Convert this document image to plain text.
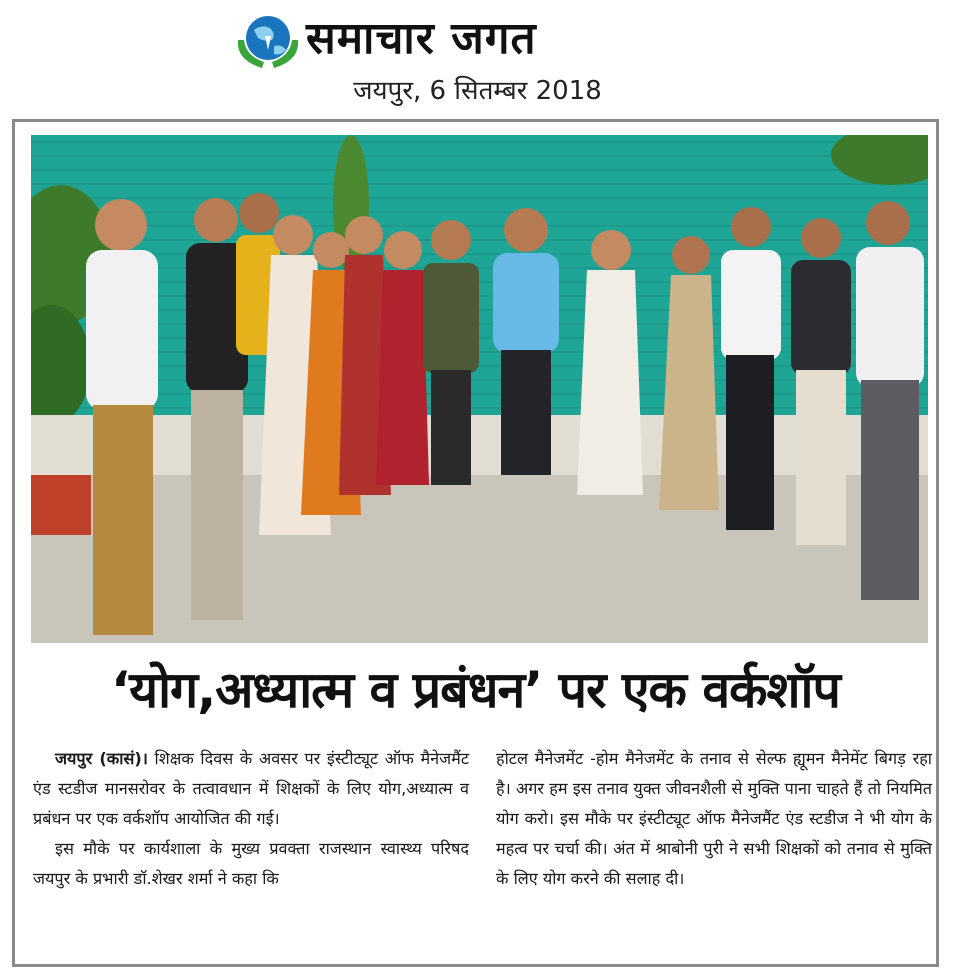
समाचार जगत
जयपुर, 6 सितम्बर 2018
‘योग,अध्यात्म व प्रबंधन’ पर एक वर्कशॉप

जयपुर (कासं)। शिक्षक दिवस के अवसर पर इंस्टीट्यूट ऑफ मैनेजमैंट एंड स्टडीज मानसरोवर के तत्वावधान में शिक्षकों के लिए योग,अध्यात्म व प्रबंधन पर एक वर्कशॉप आयोजित की गई।

इस मौके पर कार्यशाला के मुख्य प्रवक्ता राजस्थान स्वास्थ्य परिषद जयपुर के प्रभारी डॉ.शेखर शर्मा ने कहा कि

होटल मैनेजमेंट -होम मैनेजमेंट के तनाव से सेल्फ ह्यूमन मैनेमेंट बिगड़ रहा है। अगर हम इस तनाव युक्त जीवनशैली से मुक्ति पाना चाहते हैं तो नियमित योग करो। इस मौके पर इंस्टीट्यूट ऑफ मैनेजमैंट एंड स्टडीज ने भी योग के महत्व पर चर्चा की। अंत में श्राबोनी पुरी ने सभी शिक्षकों को तनाव से मुक्ति के लिए योग करने की सलाह दी।
